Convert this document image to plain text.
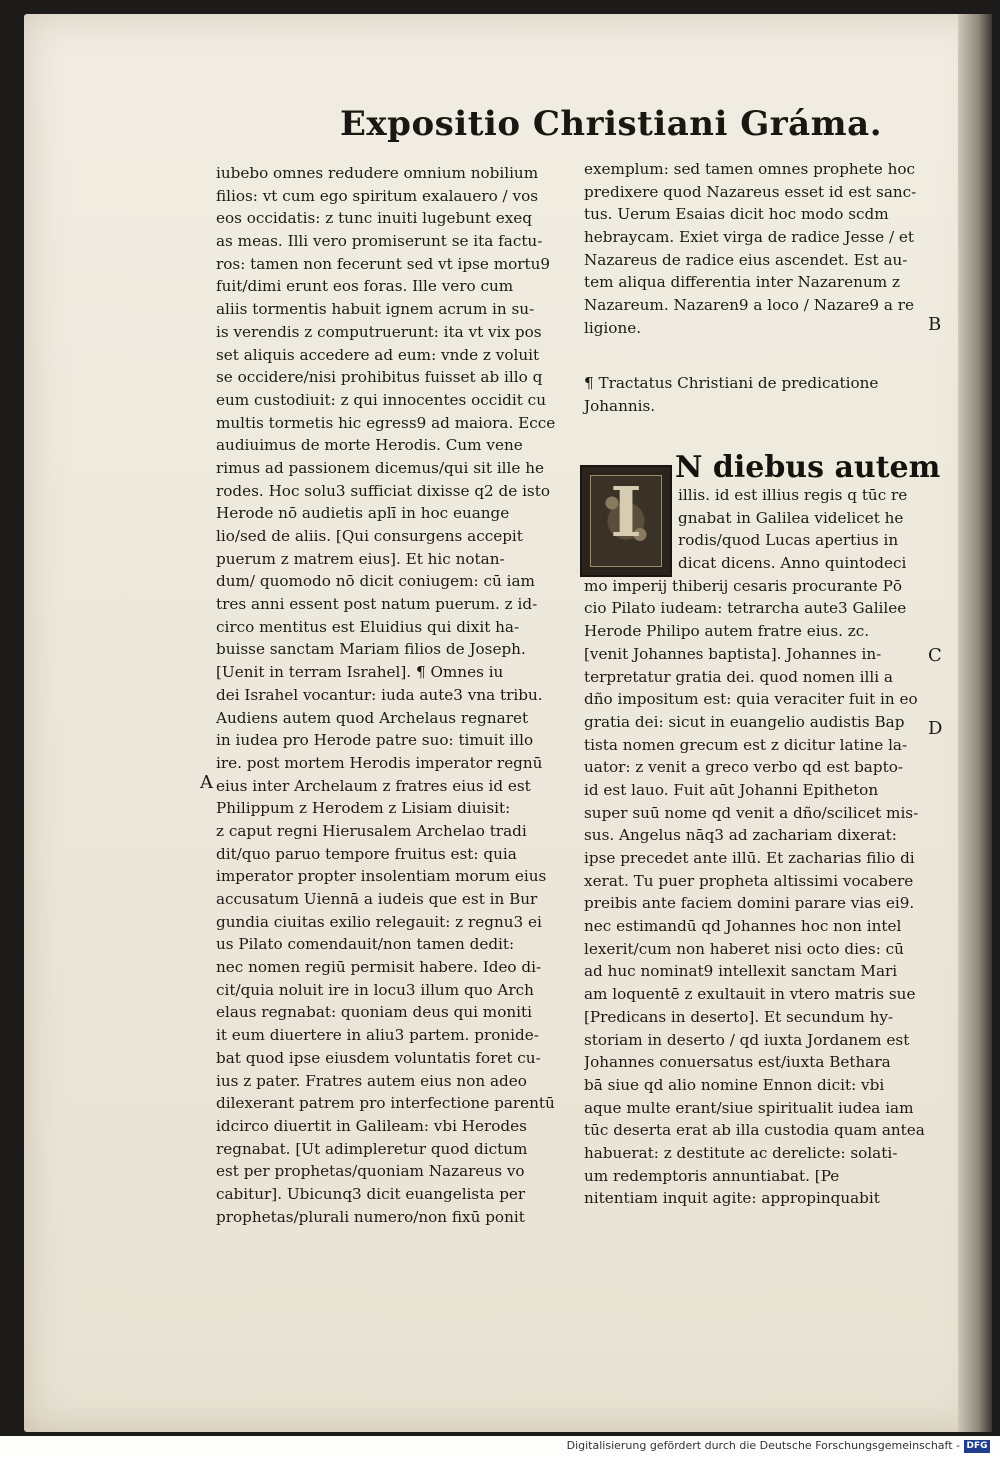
Expositio Christiani Gráma.
iubebo omnes redudere omnium nobilium
filios: vt cum ego spiritum exalauero / vos
eos occidatis: z tunc inuiti lugebunt exeq
as meas. Illi vero promiserunt se ita factu-
ros: tamen non fecerunt sed vt ipse mortu9
fuit/dimi erunt eos foras. Ille vero cum
aliis tormentis habuit ignem acrum in su-
is verendis z computruerunt: ita vt vix pos
set aliquis accedere ad eum: vnde z voluit
se occidere/nisi prohibitus fuisset ab illo q
eum custodiuit: z qui innocentes occidit cu
multis tormetis hic egress9 ad maiora. Ecce
audiuimus de morte Herodis. Cum vene
rimus ad passionem dicemus/qui sit ille he
rodes. Hoc solu3 sufficiat dixisse q2 de isto
Herode nō audietis aplī in hoc euange
lio/sed de aliis. [Qui consurgens accepit
puerum z matrem eius]. Et hic notan-
dum/ quomodo nō dicit coniugem: cū iam
tres anni essent post natum puerum. z id-
circo mentitus est Eluidius qui dixit ha-
buisse sanctam Mariam filios de Joseph.
[Uenit in terram Israhel]. ¶ Omnes iu
dei Israhel vocantur: iuda aute3 vna tribu.
Audiens autem quod Archelaus regnaret
in iudea pro Herode patre suo: timuit illo
ire. post mortem Herodis imperator regnū
eius inter Archelaum z fratres eius id est
Philippum z Herodem z Lisiam diuisit:
z caput regni Hierusalem Archelao tradi
dit/quo paruo tempore fruitus est: quia
imperator propter insolentiam morum eius
accusatum Uiennā a iudeis que est in Bur
gundia ciuitas exilio relegauit: z regnu3 ei
us Pilato comendauit/non tamen dedit:
nec nomen regiū permisit habere. Ideo di-
cit/quia noluit ire in locu3 illum quo Arch
elaus regnabat: quoniam deus qui moniti
it eum diuertere in aliu3 partem. pronide-
bat quod ipse eiusdem voluntatis foret cu-
ius z pater. Fratres autem eius non adeo
dilexerant patrem pro interfectione parentū
idcirco diuertit in Galileam: vbi Herodes
regnabat. [Ut adimpleretur quod dictum
est per prophetas/quoniam Nazareus vo
cabitur]. Ubicunq3 dicit euangelista per
prophetas/plurali numero/non fixū ponit
exemplum: sed tamen omnes prophete hoc
predixere quod Nazareus esset id est sanc-
tus. Uerum Esaias dicit hoc modo scdm
hebraycam. Exiet virga de radice Jesse / et
Nazareus de radice eius ascendet. Est au-
tem aliqua differentia inter Nazarenum z
Nazareum. Nazaren9 a loco / Nazare9 a re
ligione.
¶ Tractatus Christiani de predicatione
Johannis.
I
N diebus autem
illis. id est illius regis q tūc re
gnabat in Galilea videlicet he
rodis/quod Lucas apertius in
dicat dicens. Anno quintodeci
mo imperij thiberij cesaris procurante Pō
cio Pilato iudeam: tetrarcha aute3 Galilee
Herode Philipo autem fratre eius. zc.
[venit Johannes baptista]. Johannes in-
terpretatur gratia dei. quod nomen illi a
dño impositum est: quia veraciter fuit in eo
gratia dei: sicut in euangelio audistis Bap
tista nomen grecum est z dicitur latine la-
uator: z venit a greco verbo qd est bapto-
id est lauo. Fuit aūt Johanni Epitheton
super suū nome qd venit a dño/scilicet mis-
sus. Angelus nāq3 ad zachariam dixerat:
ipse precedet ante illū. Et zacharias filio di
xerat. Tu puer propheta altissimi vocabere
preibis ante faciem domini parare vias ei9.
nec estimandū qd Johannes hoc non intel
lexerit/cum non haberet nisi octo dies: cū
ad huc nominat9 intellexit sanctam Mari
am loquentē z exultauit in vtero matris sue
[Predicans in deserto]. Et secundum hy-
storiam in deserto / qd iuxta Jordanem est
Johannes conuersatus est/iuxta Bethara
bā siue qd alio nomine Ennon dicit: vbi
aque multe erant/siue spiritualit iudea iam
tūc deserta erat ab illa custodia quam antea
habuerat: z destitute ac derelicte: solati-
um redemptoris annuntiabat. [Pe
nitentiam inquit agite: appropinquabit
A
B
C
D
Digitalisierung gefördert durch die Deutsche Forschungsgemeinschaft - DFG
